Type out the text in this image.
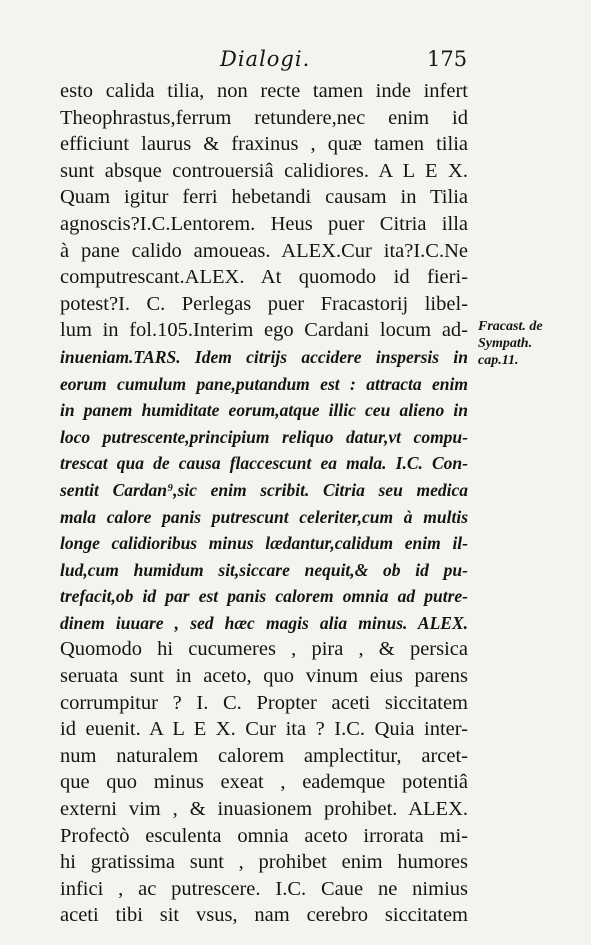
Dialogi.	175
esto calida tilia, non recte tamen inde infert
Theophrastus,ferrum retundere,nec enim id
efficiunt laurus & fraxinus , quæ tamen tilia
sunt absque controuersiâ calidiores. A L E X.
Quam igitur ferri hebetandi causam in Tilia
agnoscis?I.C.Lentorem. Heus puer Citria illa
à pane calido amoueas. ALEX.Cur ita?I.C.Ne
computrescant.ALEX. At quomodo id fieri-
potest?I. C. Perlegas puer Fracastorij libel-
lum in fol.105.Interim ego Cardani locum ad-
inueniam.TARS. Idem citrijs accidere inspersis in
eorum cumulum pane,putandum est : attracta enim
in panem humiditate eorum,atque illic ceu alieno in
loco putrescente,principium reliquo datur,vt compu-
trescat qua de causa flaccescunt ea mala. I.C. Con-
sentit Cardan⁹,sic enim scribit. Citria seu medica
mala calore panis putrescunt celeriter,cum à multis
longe calidioribus minus lædantur,calidum enim il-
lud,cum humidum sit,siccare nequit,& ob id pu-
trefacit,ob id par est panis calorem omnia ad putre-
dinem iuuare , sed hæc magis alia minus. ALEX.
Quomodo hi cucumeres , pira , & persica
seruata sunt in aceto, quo vinum eius parens
corrumpitur ? I. C. Propter aceti siccitatem
id euenit. A L E X. Cur ita ? I.C. Quia inter-
num naturalem calorem amplectitur, arcet-
que quo minus exeat , eademque potentiâ
externi vim , & inuasionem prohibet. ALEX.
Profectò esculenta omnia aceto irrorata mi-
hi gratissima sunt , prohibet enim humores
infici , ac putrescere. I.C. Caue ne nimius
aceti tibi sit vsus, nam cerebro siccitatem
Fracast. de
Sympath.
cap.11.
